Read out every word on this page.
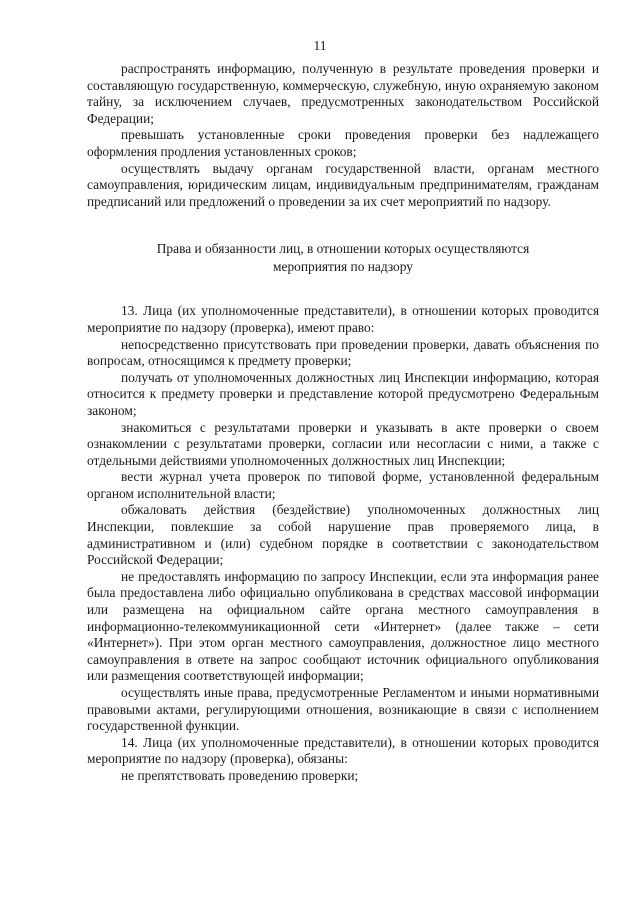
11

распространять информацию, полученную в результате проведения проверки и составляющую государственную, коммерческую, служебную, иную охраняемую законом тайну, за исключением случаев, предусмотренных законодательством Российской Федерации;

превышать установленные сроки проведения проверки без надлежащего оформления продления установленных сроков;

осуществлять выдачу органам государственной власти, органам местного самоуправления, юридическим лицам, индивидуальным предпринимателям, гражданам предписаний или предложений о проведении за их счет мероприятий по надзору.

Права и обязанности лиц, в отношении которых осуществляются
мероприятия по надзору

13. Лица (их уполномоченные представители), в отношении которых проводится мероприятие по надзору (проверка), имеют право:

непосредственно присутствовать при проведении проверки, давать объяснения по вопросам, относящимся к предмету проверки;

получать от уполномоченных должностных лиц Инспекции информацию, которая относится к предмету проверки и представление которой предусмотрено Федеральным законом;

знакомиться с результатами проверки и указывать в акте проверки о своем ознакомлении с результатами проверки, согласии или несогласии с ними, а также с отдельными действиями уполномоченных должностных лиц Инспекции;

вести журнал учета проверок по типовой форме, установленной федеральным органом исполнительной власти;

обжаловать действия (бездействие) уполномоченных должностных лиц Инспекции, повлекшие за собой нарушение прав проверяемого лица, в административном и (или) судебном порядке в соответствии с законодательством Российской Федерации;

не предоставлять информацию по запросу Инспекции, если эта информация ранее была предоставлена либо официально опубликована в средствах массовой информации или размещена на официальном сайте органа местного самоуправления в информационно-телекоммуникационной сети «Интернет» (далее также – сети «Интернет»). При этом орган местного самоуправления, должностное лицо местного самоуправления в ответе на запрос сообщают источник официального опубликования или размещения соответствующей информации;

осуществлять иные права, предусмотренные Регламентом и иными нормативными правовыми актами, регулирующими отношения, возникающие в связи с исполнением государственной функции.

14. Лица (их уполномоченные представители), в отношении которых проводится мероприятие по надзору (проверка), обязаны:

не препятствовать проведению проверки;
